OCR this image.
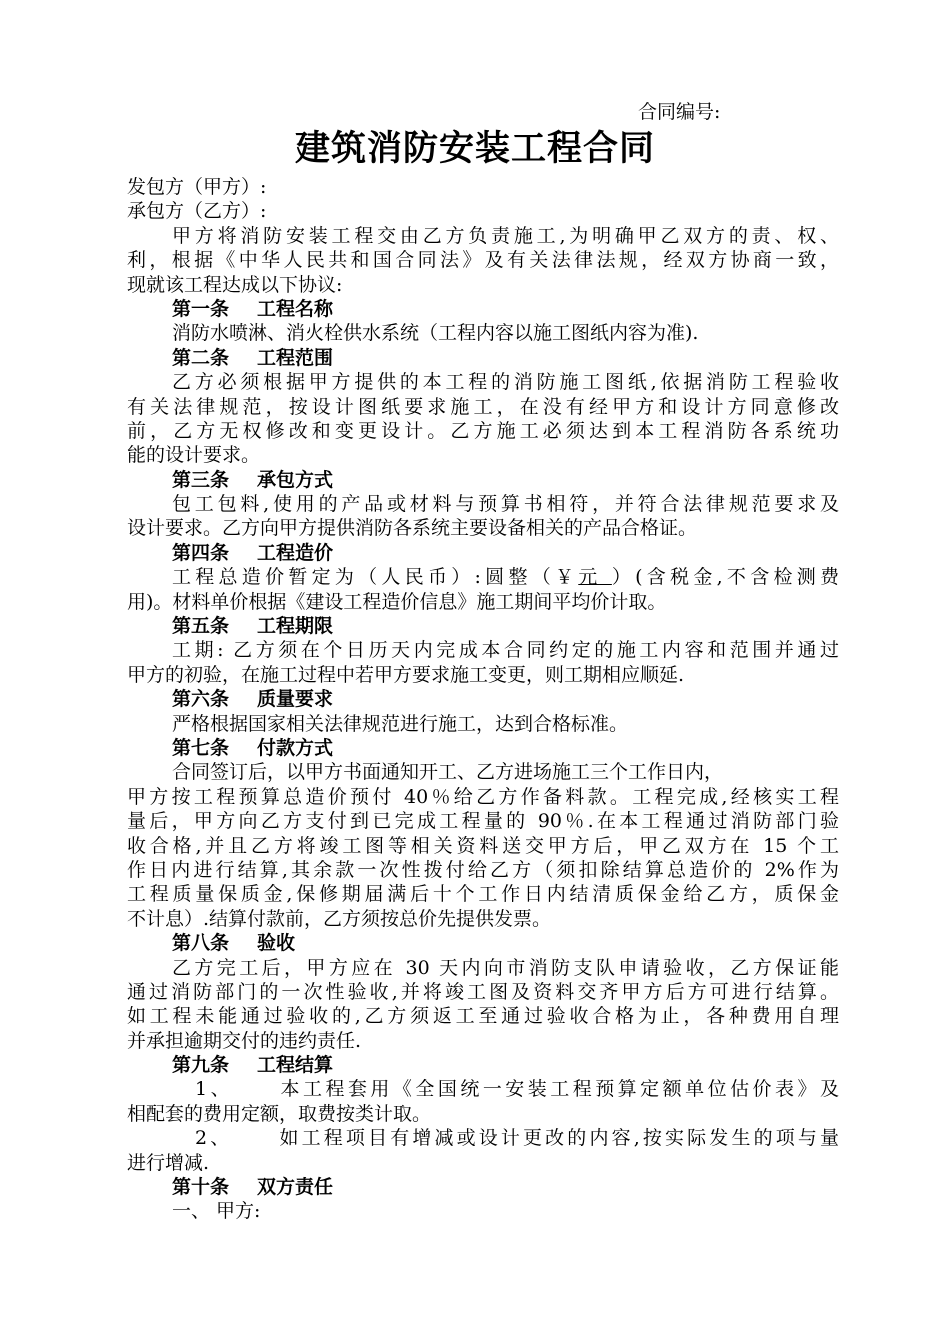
合同编号:
建筑消防安装工程合同
发包方（甲方）:
承包方（乙方）:
甲方将消防安装工程交由乙方负责施工,为明确甲乙双方的责、权、
利，根据《中华人民共和国合同法》及有关法律法规，经双方协商一致，
现就该工程达成以下协议:
第一条 工程名称
消防水喷淋、消火栓供水系统（工程内容以施工图纸内容为准).
第二条 工程范围
乙方必须根据甲方提供的本工程的消防施工图纸,依据消防工程验收
有关法律规范，按设计图纸要求施工，在没有经甲方和设计方同意修改
前，乙方无权修改和变更设计。乙方施工必须达到本工程消防各系统功
能的设计要求。
第三条 承包方式
包工包料,使用的产品或材料与预算书相符，并符合法律规范要求及
设计要求。乙方向甲方提供消防各系统主要设备相关的产品合格证。
第四条 工程造价
工程总造价暂定为（人民币）:圆整（￥元 ）(含税金,不含检测费
用)。材料单价根据《建设工程造价信息》施工期间平均价计取。
第五条 工程期限
工期: 乙方须在个日历天内完成本合同约定的施工内容和范围并通过
甲方的初验，在施工过程中若甲方要求施工变更，则工期相应顺延.
第六条 质量要求
严格根据国家相关法律规范进行施工，达到合格标准。
第七条 付款方式
合同签订后，以甲方书面通知开工、乙方进场施工三个工作日内，
甲方按工程预算总造价预付 40％给乙方作备料款。工程完成,经核实工程
量后，甲方向乙方支付到已完成工程量的 90％.在本工程通过消防部门验
收合格,并且乙方将竣工图等相关资料送交甲方后，甲乙双方在 15 个工
作日内进行结算,其余款一次性拨付给乙方（须扣除结算总造价的 2%作为
工程质量保质金,保修期届满后十个工作日内结清质保金给乙方，质保金
不计息）.结算付款前，乙方须按总价先提供发票。
第八条 验收
乙方完工后，甲方应在 30 天内向市消防支队申请验收，乙方保证能
通过消防部门的一次性验收,并将竣工图及资料交齐甲方后方可进行结算。
如工程未能通过验收的,乙方须返工至通过验收合格为止，各种费用自理
并承担逾期交付的违约责任.
第九条 工程结算
1、 本工程套用《全国统一安装工程预算定额单位估价表》及
相配套的费用定额，取费按类计取。
2、 如工程项目有增减或设计更改的内容,按实际发生的项与量
进行增减.
第十条 双方责任
一、 甲方:
